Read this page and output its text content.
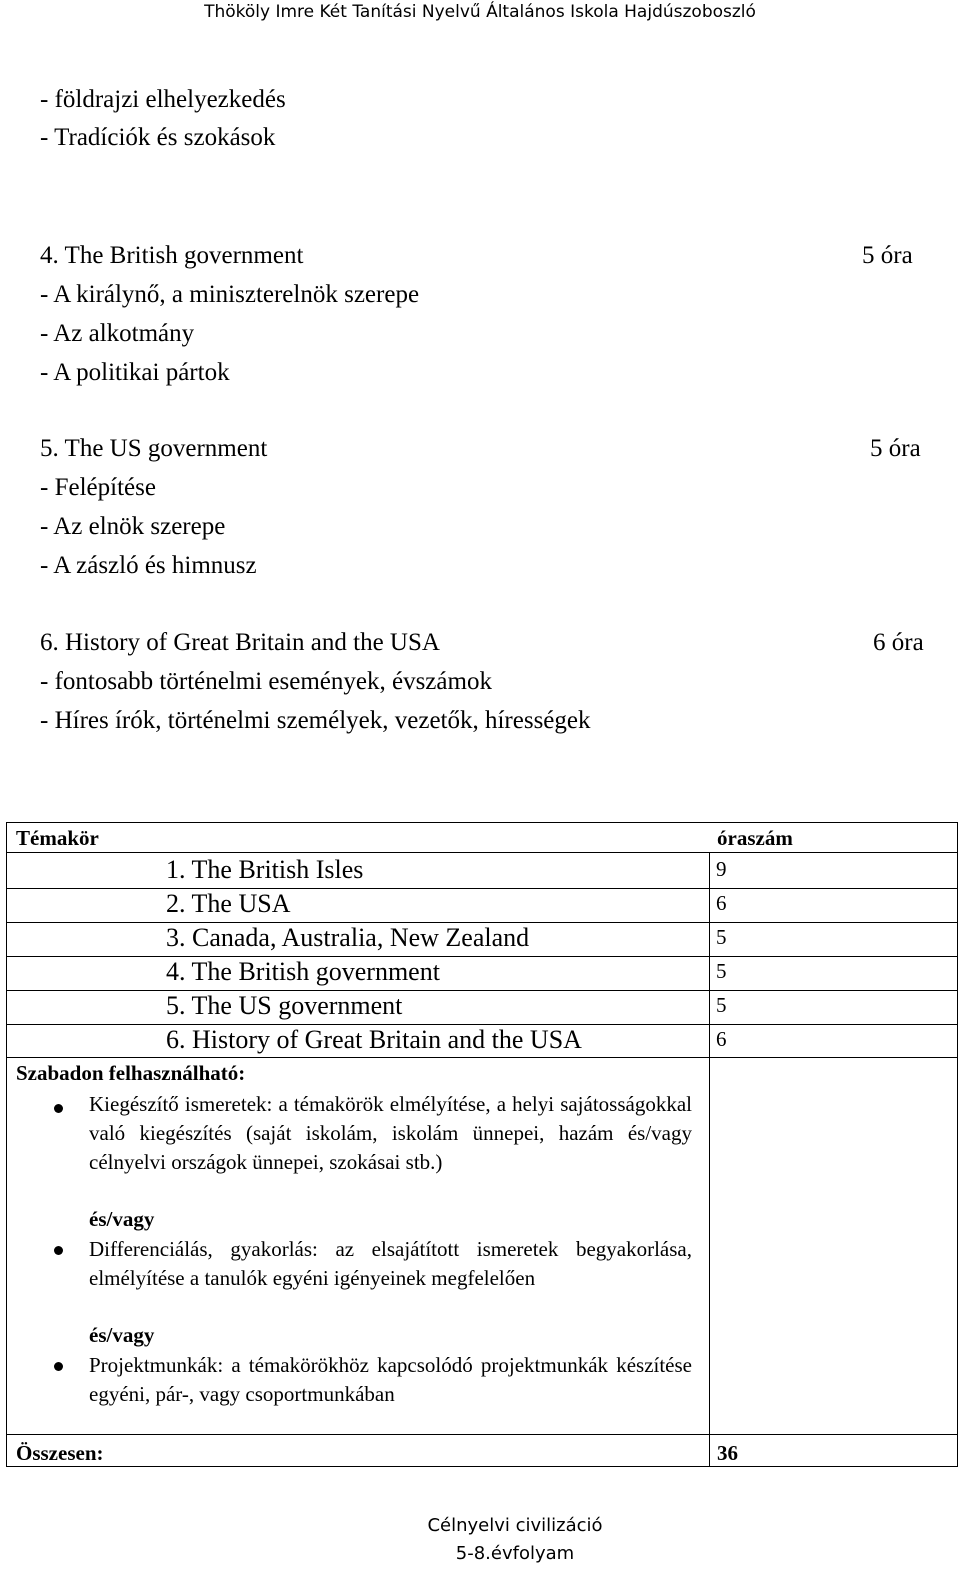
Thököly Imre Két Tanítási Nyelvű Általános Iskola Hajdúszoboszló
- földrajzi elhelyezkedés
- Tradíciók és szokások
4. The British government	5 óra
- A királynő, a miniszterelnök szerepe
- Az alkotmány
- A politikai pártok
5. The US government	5 óra
- Felépítése
- Az elnök szerepe
- A zászló és himnusz
6. History of Great Britain and the USA	6 óra
- fontosabb történelmi események, évszámok
- Híres írók, történelmi személyek, vezetők, hírességek
Témakör	óraszám
1. The British Isles	9
2. The USA	6
3. Canada, Australia, New Zealand	5
4. The British government	5
5. The US government	5
6. History of Great Britain and the USA	6
Szabadon felhasználható:
Kiegészítő ismeretek: a témakörök elmélyítése, a helyi sajátosságokkal való kiegészítés (saját iskolám, iskolám ünnepei, hazám és/vagy célnyelvi országok ünnepei, szokásai stb.)
és/vagy
Differenciálás, gyakorlás: az elsajátított ismeretek begyakorlása, elmélyítése a tanulók egyéni igényeinek megfelelően
és/vagy
Projektmunkák: a témakörökhöz kapcsolódó projektmunkák készítése egyéni, pár-, vagy csoportmunkában
Összesen:	36
Célnyelvi civilizáció
5-8.évfolyam
